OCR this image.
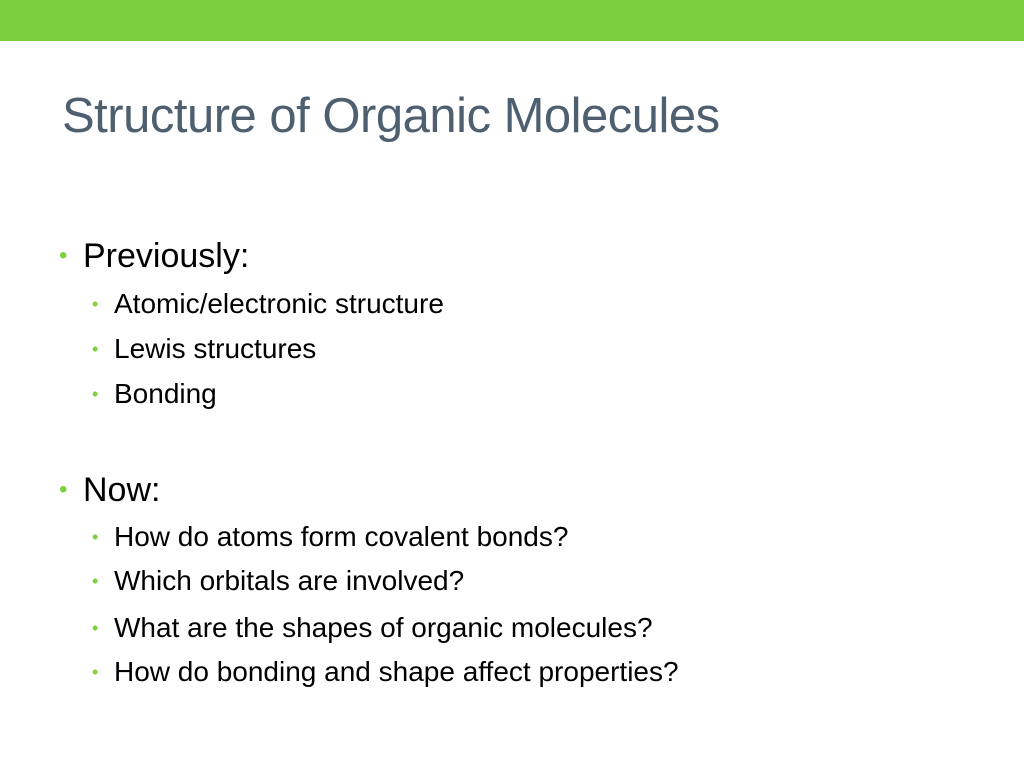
Structure of Organic Molecules
• Previously:
• Atomic/electronic structure
• Lewis structures
• Bonding
• Now:
• How do atoms form covalent bonds?
• Which orbitals are involved?
• What are the shapes of organic molecules?
• How do bonding and shape affect properties?
